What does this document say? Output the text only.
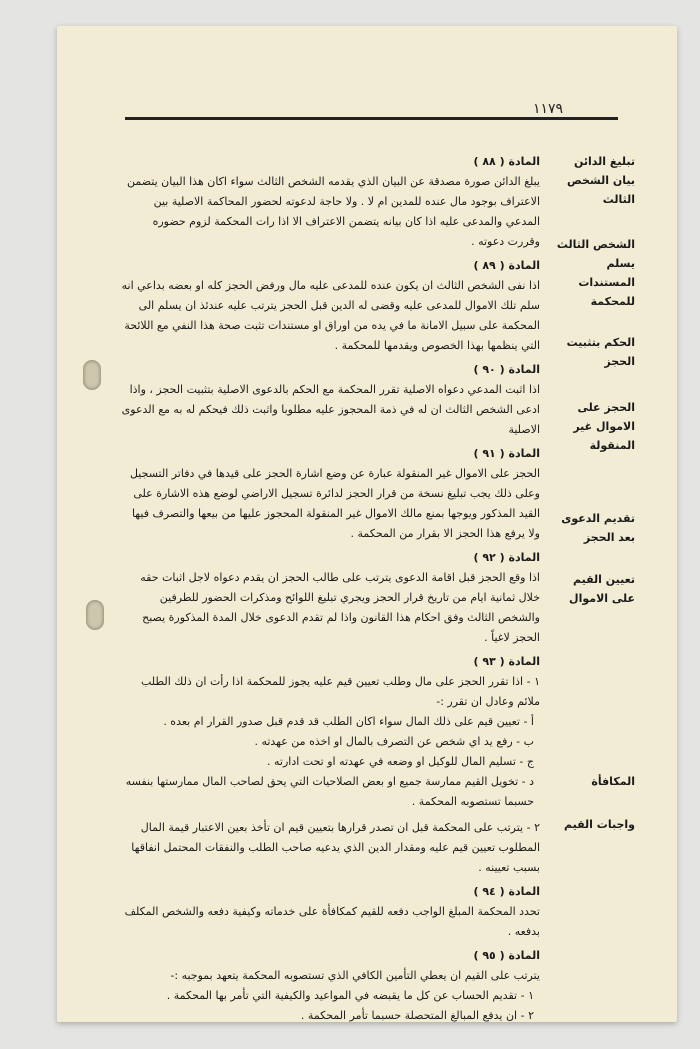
١١٧٩
تبليغ الدائن بيان الشخص الثالث
الشخص الثالث يسلم المستندات للمحكمة
الحكم بتثبيت الحجز
الحجز على الاموال غير المنقولة
تقديم الدعوى بعد الحجز
تعيين القيم على الاموال
المكافأة
واجبات القيم
المادة ( ٨٨ )
يبلغ الدائن صورة مصدقة عن البيان الذي يقدمه الشخص الثالث سواء اكان هذا البيان يتضمن الاعتراف بوجود مال عنده للمدين ام لا . ولا حاجة لدعوته لحضور المحاكمة الاصلية بين المدعي والمدعى عليه اذا كان بيانه يتضمن الاعتراف الا اذا رات المحكمة لزوم حضوره وقررت دعوته .
المادة ( ٨٩ )
اذا نفى الشخص الثالث ان يكون عنده للمدعى عليه مال ورفض الحجز كله او بعضه بداعي انه سلم تلك الاموال للمدعى عليه وقضى له الدين قبل الحجز يترتب عليه عندئذ ان يسلم الى المحكمة على سبيل الامانة ما في يده من اوراق او مستندات تثبت صحة هذا النفي مع اللائحة التي ينظمها بهذا الخصوص ويقدمها للمحكمة .
المادة ( ٩٠ )
اذا اثبت المدعي دعواه الاصلية تقرر المحكمة مع الحكم بالدعوى الاصلية بتثبيت الحجز ، واذا ادعى الشخص الثالث ان له في ذمة المحجوز عليه مطلوبا واثبت ذلك فيحكم له به مع الدعوى الاصلية
المادة ( ٩١ )
الحجز على الاموال غير المنقولة عبارة عن وضع اشارة الحجز على قيدها في دفاتر التسجيل وعلى ذلك يجب تبليغ نسخة من قرار الحجز لدائرة تسجيل الاراضي لوضع هذه الاشارة على القيد المذكور ويوجها بمنع مالك الاموال غير المنقولة المحجوز عليها من بيعها والتصرف فيها ولا يرفع هذا الحجز الا بقرار من المحكمة .
المادة ( ٩٢ )
اذا وقع الحجز قبل اقامة الدعوى يترتب على طالب الحجز ان يقدم دعواه لاجل اثبات حقه خلال ثمانية ايام من تاريخ قرار الحجز ويجري تبليغ اللوائح ومذكرات الحضور للطرفين والشخص الثالث وفق احكام هذا القانون واذا لم تقدم الدعوى خلال المدة المذكورة يصبح الحجز لاغياً .
المادة ( ٩٣ )
١ - اذا تقرر الحجز على مال وطلب تعيين قيم عليه يجوز للمحكمة اذا رأت ان ذلك الطلب ملائم وعادل ان تقرر :-
أ - تعيين قيم على ذلك المال سواء اكان الطلب قد قدم قبل صدور القرار ام بعده .
ب - رفع يد اي شخص عن التصرف بالمال او اخذه من عهدته .
ج - تسليم المال للوكيل او وضعه في عهدته او تحت ادارته .
د - تخويل القيم ممارسة جميع او بعض الصلاحيات التي يحق لصاحب المال ممارستها بنفسه حسبما تستصوبه المحكمة .
٢ - يترتب على المحكمة قبل ان تصدر قرارها بتعيين قيم ان تأخذ بعين الاعتبار قيمة المال المطلوب تعيين قيم عليه ومقدار الدين الذي يدعيه صاحب الطلب والنفقات المحتمل انفاقها بسبب تعيينه .
المادة ( ٩٤ )
تحدد المحكمة المبلغ الواجب دفعه للقيم كمكافأة على خدماته وكيفية دفعه والشخص المكلف بدفعه .
المادة ( ٩٥ )
يترتب على القيم ان يعطي التأمين الكافي الذي تستصوبه المحكمة يتعهد بموجبه :-
١ - تقديم الحساب عن كل ما يقبضه في المواعيد والكيفية التي تأمر بها المحكمة .
٢ - ان يدفع المبالغ المتحصلة حسبما تأمر المحكمة .
